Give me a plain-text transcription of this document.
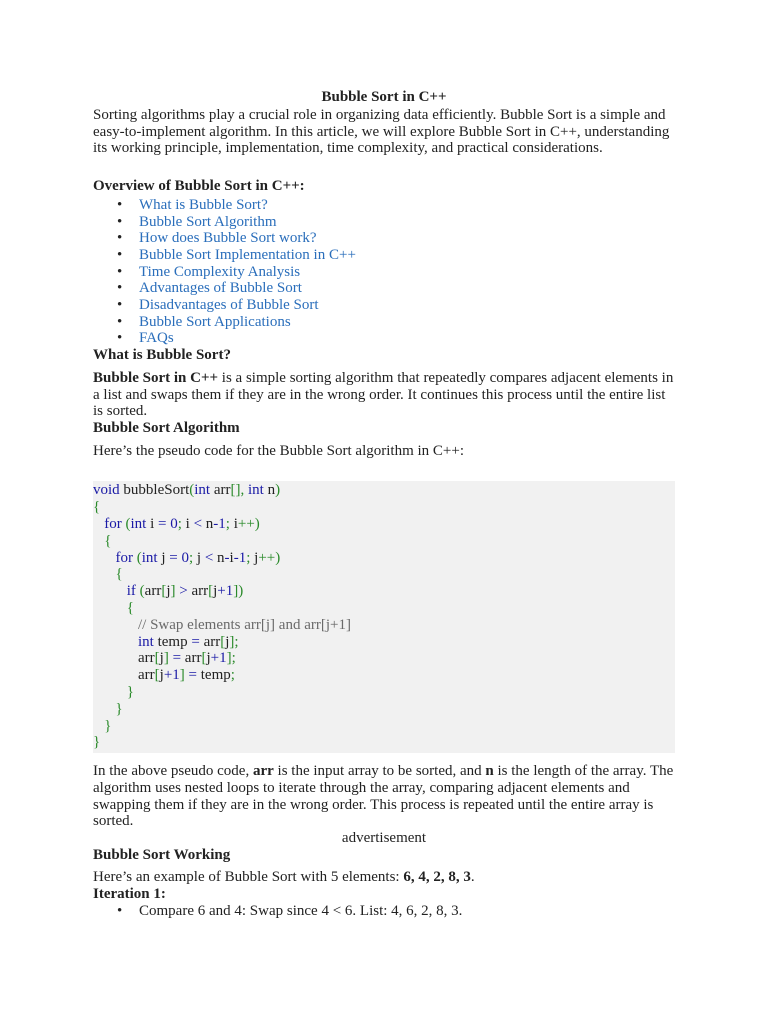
Bubble Sort in C++

Sorting algorithms play a crucial role in organizing data efficiently. Bubble Sort is a simple and easy-to-implement algorithm. In this article, we will explore Bubble Sort in C++, understanding its working principle, implementation, time complexity, and practical considerations.

Overview of Bubble Sort in C++:

• What is Bubble Sort?
• Bubble Sort Algorithm
• How does Bubble Sort work?
• Bubble Sort Implementation in C++
• Time Complexity Analysis
• Advantages of Bubble Sort
• Disadvantages of Bubble Sort
• Bubble Sort Applications
• FAQs

What is Bubble Sort?

Bubble Sort in C++ is a simple sorting algorithm that repeatedly compares adjacent elements in a list and swaps them if they are in the wrong order. It continues this process until the entire list is sorted.

Bubble Sort Algorithm

Here’s the pseudo code for the Bubble Sort algorithm in C++:

void bubbleSort(int arr[], int n)
{
for (int i = 0; i < n-1; i++)
{
for (int j = 0; j < n-i-1; j++)
{
if (arr[j] > arr[j+1])
{
// Swap elements arr[j] and arr[j+1]
int temp = arr[j];
arr[j] = arr[j+1];
arr[j+1] = temp;
}
}
}
}

In the above pseudo code, arr is the input array to be sorted, and n is the length of the array. The algorithm uses nested loops to iterate through the array, comparing adjacent elements and swapping them if they are in the wrong order. This process is repeated until the entire array is sorted.

advertisement

Bubble Sort Working

Here’s an example of Bubble Sort with 5 elements: 6, 4, 2, 8, 3.

Iteration 1:

• Compare 6 and 4: Swap since 4 < 6. List: 4, 6, 2, 8, 3.
